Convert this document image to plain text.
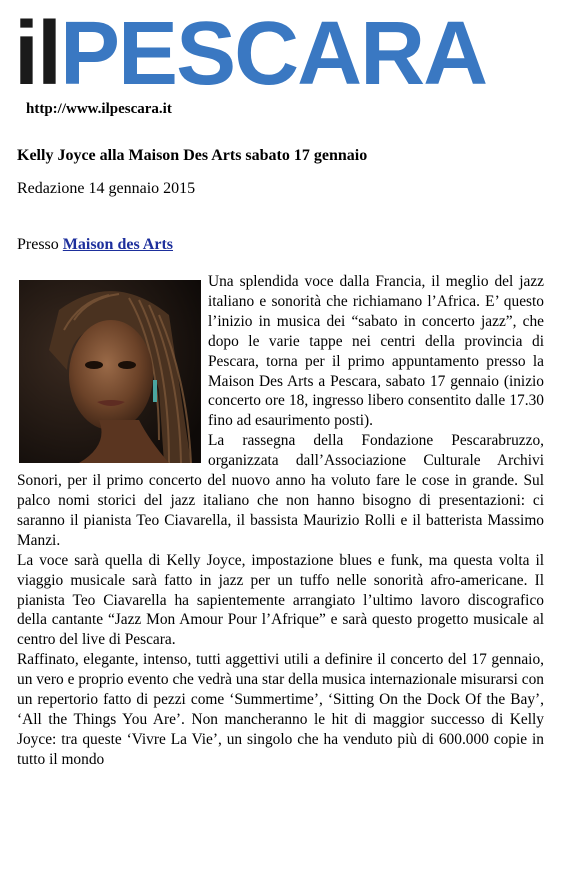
ilPESCARA
http://www.ilpescara.it
Kelly Joyce alla Maison Des Arts sabato 17 gennaio
Redazione 14 gennaio 2015
Presso Maison des Arts

Una splendida voce dalla Francia, il meglio del jazz italiano e sonorità che richiamano l’Africa. E’ questo l’inizio in musica dei “sabato in concerto jazz”, che dopo le varie tappe nei centri della provincia di Pescara, torna per il primo appuntamento presso la Maison Des Arts a Pescara, sabato 17 gennaio (inizio concerto ore 18, ingresso libero consentito dalle 17.30 fino ad esaurimento posti).

La rassegna della Fondazione Pescarabruzzo, organizzata dall’Associazione Culturale Archivi Sonori, per il primo concerto del nuovo anno ha voluto fare le cose in grande. Sul palco nomi storici del jazz italiano che non hanno bisogno di presentazioni: ci saranno il pianista Teo Ciavarella, il bassista Maurizio Rolli e il batterista Massimo Manzi.

La voce sarà quella di Kelly Joyce, impostazione blues e funk, ma questa volta il viaggio musicale sarà fatto in jazz per un tuffo nelle sonorità afro-americane. Il pianista Teo Ciavarella ha sapientemente arrangiato l’ultimo lavoro discografico della cantante “Jazz Mon Amour Pour l’Afrique” e sarà questo progetto musicale al centro del live di Pescara.

Raffinato, elegante, intenso, tutti aggettivi utili a definire il concerto del 17 gennaio, un vero e proprio evento che vedrà una star della musica internazionale misurarsi con un repertorio fatto di pezzi come ‘Summertime’, ‘Sitting On the Dock Of the Bay’, ‘All the Things You Are’. Non mancheranno le hit di maggior successo di Kelly Joyce: tra queste ‘Vivre La Vie’, un singolo che ha venduto più di 600.000 copie in tutto il mondo
